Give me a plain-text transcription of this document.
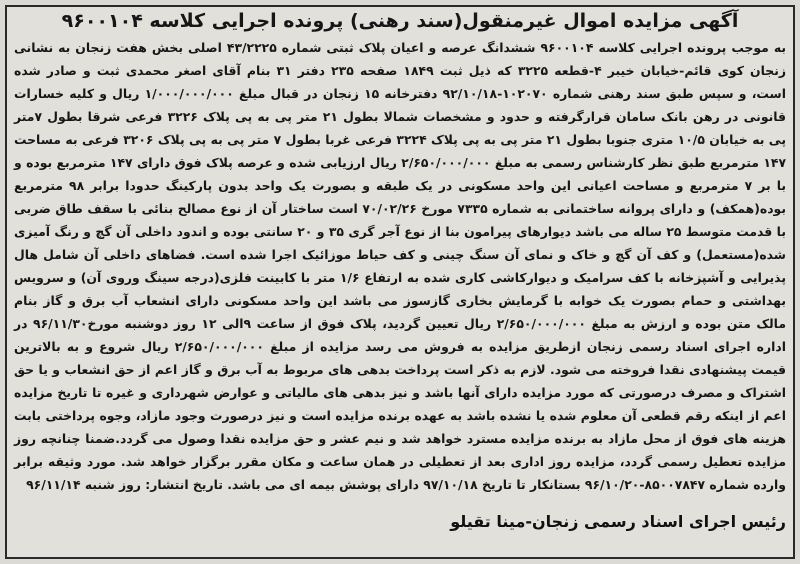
آگهی مزایده اموال غیرمنقول(سند رهنی) پرونده اجرایی کلاسه ۹۶۰۰۱۰۴

به موجب پرونده اجرایی کلاسه ۹۶۰۰۱۰۴ ششدانگ عرصه و اعیان پلاک ثبتی شماره ۴۳/۲۲۲۵ اصلی بخش هفت زنجان به نشانی زنجان کوی قائم-خیابان خیبر ۴-قطعه ۳۲۲۵ که ذیل ثبت ۱۸۴۹ صفحه ۲۳۵ دفتر ۳۱ بنام آقای اصغر محمدی ثبت و صادر شده است، و سپس طبق سند رهنی شماره ۱۰۲۰۷۰-۹۲/۱۰/۱۸ دفترخانه ۱۵ زنجان در قبال مبلغ ۱/۰۰۰/۰۰۰/۰۰۰ ریال و کلیه خسارات قانونی در رهن بانک سامان قرارگرفته و حدود و مشخصات شمالا بطول ۲۱ متر پی به پی پلاک ۳۲۲۶ فرعی شرقا بطول ۷متر پی به خیابان ۱۰/۵ متری جنوبا بطول ۲۱ متر پی به پی پلاک ۳۲۲۴ فرعی غربا بطول ۷ متر پی به پی پلاک ۳۲۰۶ فرعی به مساحت ۱۴۷ مترمربع طبق نظر کارشناس رسمی به مبلغ ۲/۶۵۰/۰۰۰/۰۰۰ ریال ارزیابی شده و عرصه پلاک فوق دارای ۱۴۷ مترمربع بوده و با بر ۷ مترمربع و مساحت اعیانی این واحد مسکونی در یک طبقه و بصورت یک واحد بدون پارکینگ حدودا برابر ۹۸ مترمربع بوده(همکف) و دارای پروانه ساختمانی به شماره ۷۳۳۵ مورخ ۷۰/۰۲/۲۶ است ساختار آن از نوع مصالح بنائی با سقف طاق ضربی با قدمت متوسط ۲۵ ساله می باشد دیوارهای پیرامون بنا از نوع آجر گری ۳۵ و ۲۰ سانتی بوده و اندود داخلی آن گچ و رنگ آمیزی شده(مستعمل) و کف آن گچ و خاک و نمای آن سنگ چینی و کف حیاط موزائیک اجرا شده است. فضاهای داخلی آن شامل هال پذیرایی و آشپزخانه با کف سرامیک و دیوارکاشی کاری شده به ارتفاع ۱/۶ متر با کابینت فلزی(درجه سینگ وروی آن) و سرویس بهداشتی و حمام بصورت یک خوابه با گرمایش بخاری گازسوز می باشد این واحد مسکونی دارای انشعاب آب برق و گاز بنام مالک متن بوده و ارزش به مبلغ ۲/۶۵۰/۰۰۰/۰۰۰ ریال تعیین گردید، پلاک فوق از ساعت ۹الی ۱۲ روز دوشنبه مورخ۹۶/۱۱/۳۰ در اداره اجرای اسناد رسمی زنجان ازطریق مزایده به فروش می رسد مزایده از مبلغ ۲/۶۵۰/۰۰۰/۰۰۰ ریال شروع و به بالاترین قیمت پیشنهادی نقدا فروخته می شود. لازم به ذکر است پرداخت بدهی های مربوط به آب برق و گاز اعم از حق انشعاب و یا حق اشتراک و مصرف درصورتی که مورد مزایده دارای آنها باشد و نیز بدهی های مالیاتی و عوارض شهرداری و غیره تا تاریخ مزایده اعم از اینکه رقم قطعی آن معلوم شده یا نشده باشد به عهده برنده مزایده است و نیز درصورت وجود مازاد، وجوه پرداختی بابت هزینه های فوق از محل مازاد به برنده مزایده مسترد خواهد شد و نیم عشر و حق مزایده نقدا وصول می گردد.ضمنا چنانچه روز مزایده تعطیل رسمی گردد، مزایده روز اداری بعد از تعطیلی در همان ساعت و مکان مقرر برگزار خواهد شد. مورد وثیقه برابر وارده شماره ۸۵۰۰۷۸۴۷-۹۶/۱۰/۲۰ بستانکار تا تاریخ ۹۷/۱۰/۱۸ دارای پوشش بیمه ای می باشد. تاریخ انتشار: روز شنبه ۹۶/۱۱/۱۴

رئیس اجرای اسناد رسمی زنجان-مینا تقیلو
